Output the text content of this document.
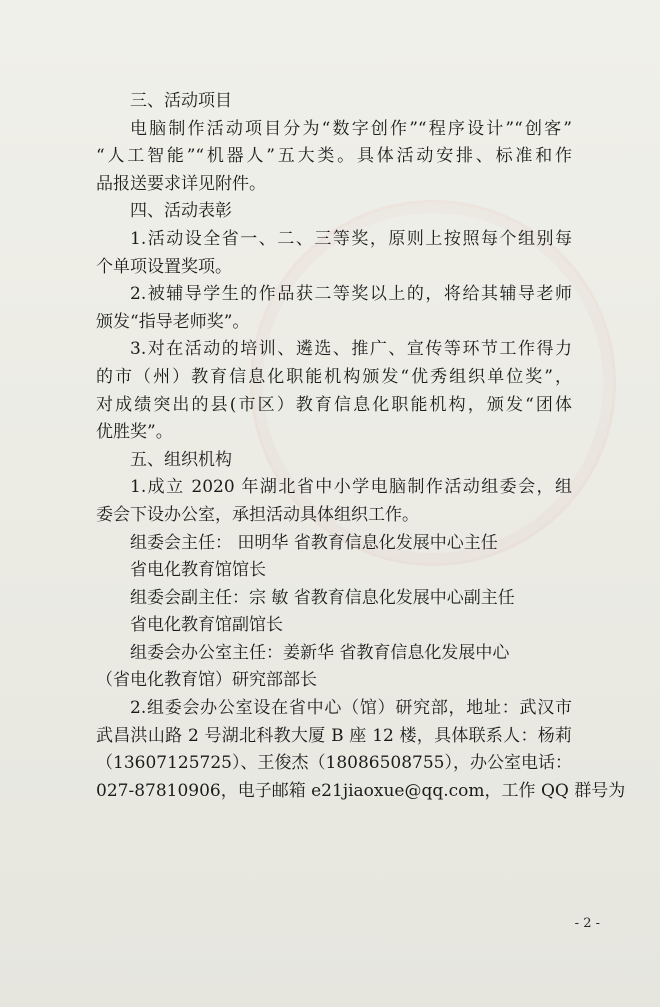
三、活动项目
电脑制作活动项目分为“数字创作”“程序设计”“创客”
“人工智能”“机器人”五大类。具体活动安排、标准和作
品报送要求详见附件。
四、活动表彰
1.活动设全省一、二、三等奖，原则上按照每个组别每
个单项设置奖项。
2.被辅导学生的作品获二等奖以上的，将给其辅导老师
颁发“指导老师奖”。
3.对在活动的培训、遴选、推广、宣传等环节工作得力
的市（州）教育信息化职能机构颁发“优秀组织单位奖”，
对成绩突出的县(市区）教育信息化职能机构，颁发“团体
优胜奖”。
五、组织机构
1.成立 2020 年湖北省中小学电脑制作活动组委会，组
委会下设办公室，承担活动具体组织工作。
组委会主任： 田明华 省教育信息化发展中心主任
省电化教育馆馆长
组委会副主任：宗 敏 省教育信息化发展中心副主任
省电化教育馆副馆长
组委会办公室主任：姜新华 省教育信息化发展中心
（省电化教育馆）研究部部长
2.组委会办公室设在省中心（馆）研究部，地址：武汉市
武昌洪山路 2 号湖北科教大厦 B 座 12 楼，具体联系人：杨莉
（13607125725）、王俊杰（18086508755），办公室电话：
027-87810906，电子邮箱 e21jiaoxue@qq.com，工作 QQ 群号为
- 2 -
